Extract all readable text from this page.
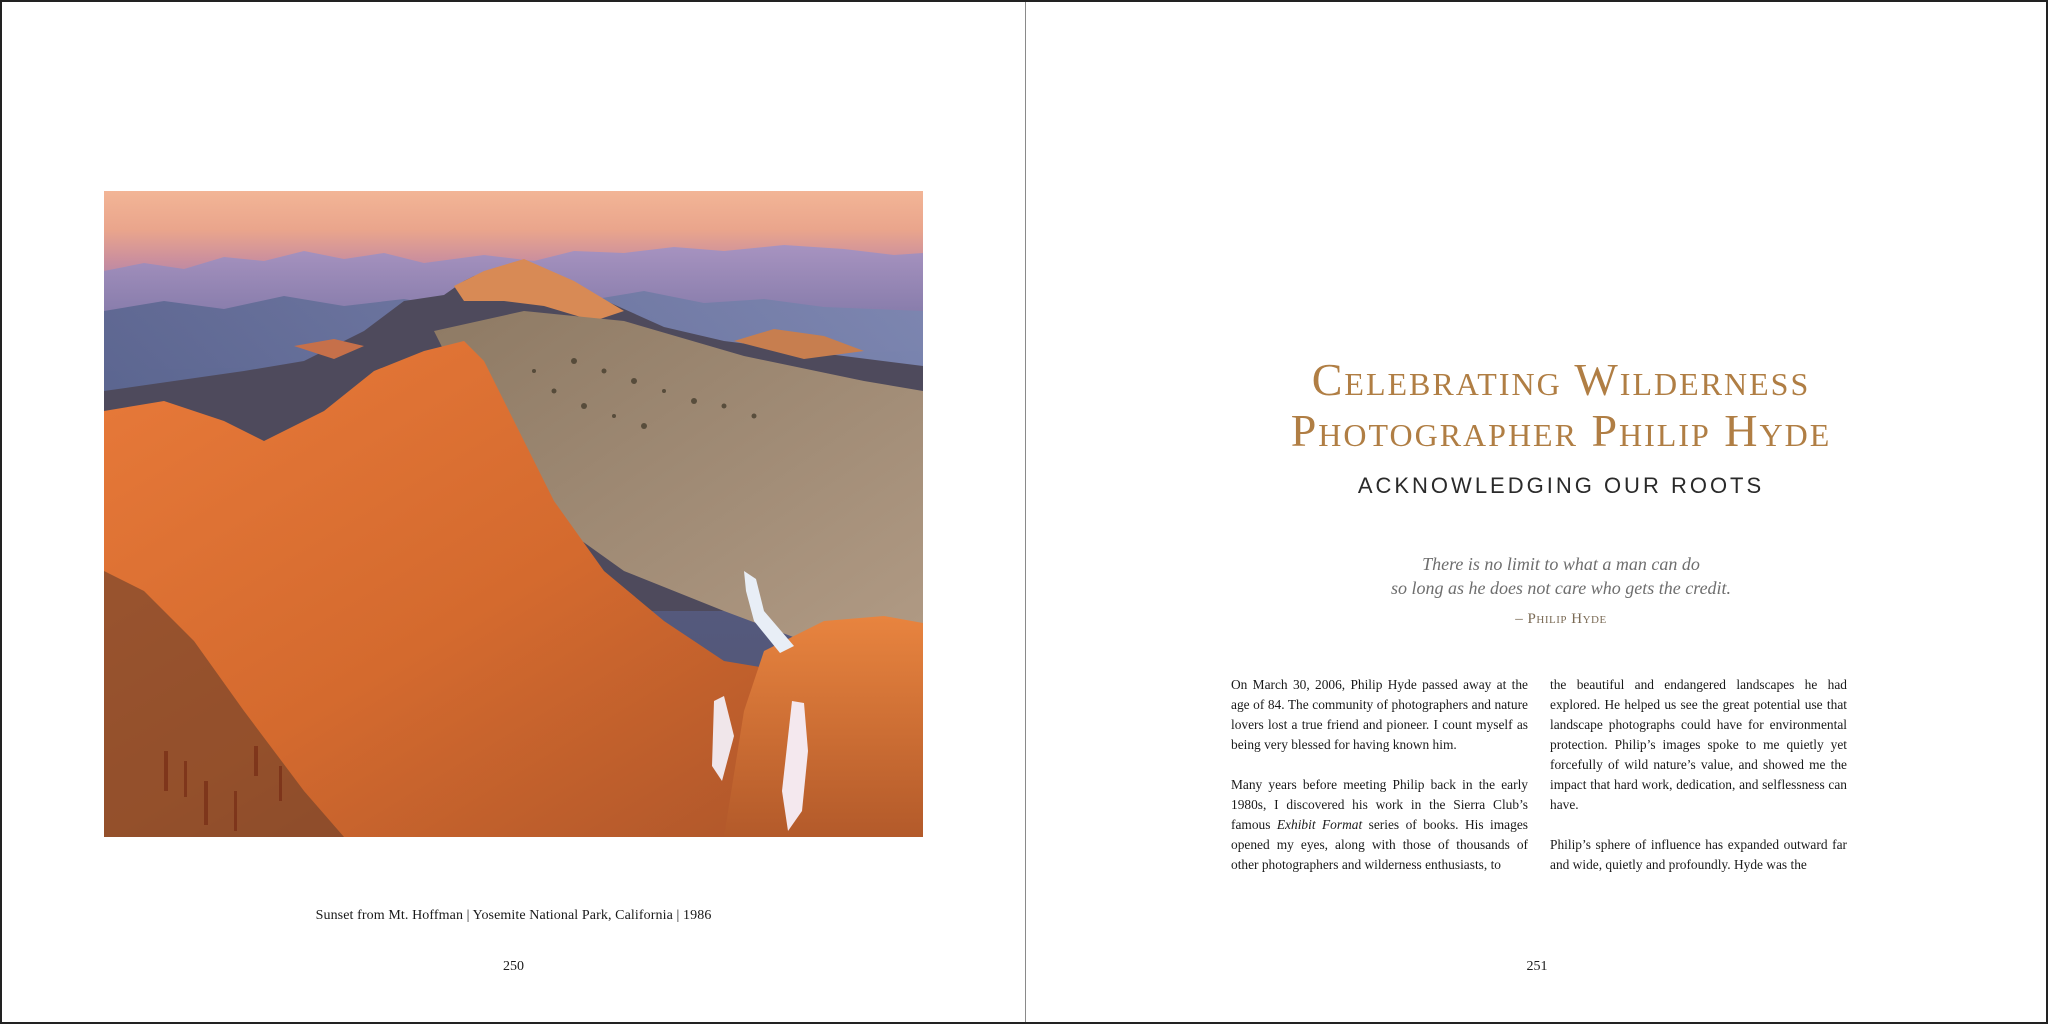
Sunset from Mt. Hoffman | Yosemite National Park, California | 1986
250
Celebrating Wilderness
Photographer Philip Hyde
ACKNOWLEDGING OUR ROOTS
There is no limit to what a man can do
so long as he does not care who gets the credit.
– Philip Hyde

On March 30, 2006, Philip Hyde passed away at the age of 84. The community of photographers and nature lovers lost a true friend and pioneer. I count myself as being very blessed for having known him.

Many years before meeting Philip back in the early 1980s, I discovered his work in the Sierra Club’s famous Exhibit Format series of books. His images opened my eyes, along with those of thousands of other photographers and wilderness enthusiasts, to

the beautiful and endangered landscapes he had explored. He helped us see the great potential use that landscape photographs could have for environmental protection. Philip’s images spoke to me quietly yet forcefully of wild nature’s value, and showed me the impact that hard work, dedication, and selflessness can have.

Philip’s sphere of influence has expanded outward far and wide, quietly and profoundly. Hyde was the

251
